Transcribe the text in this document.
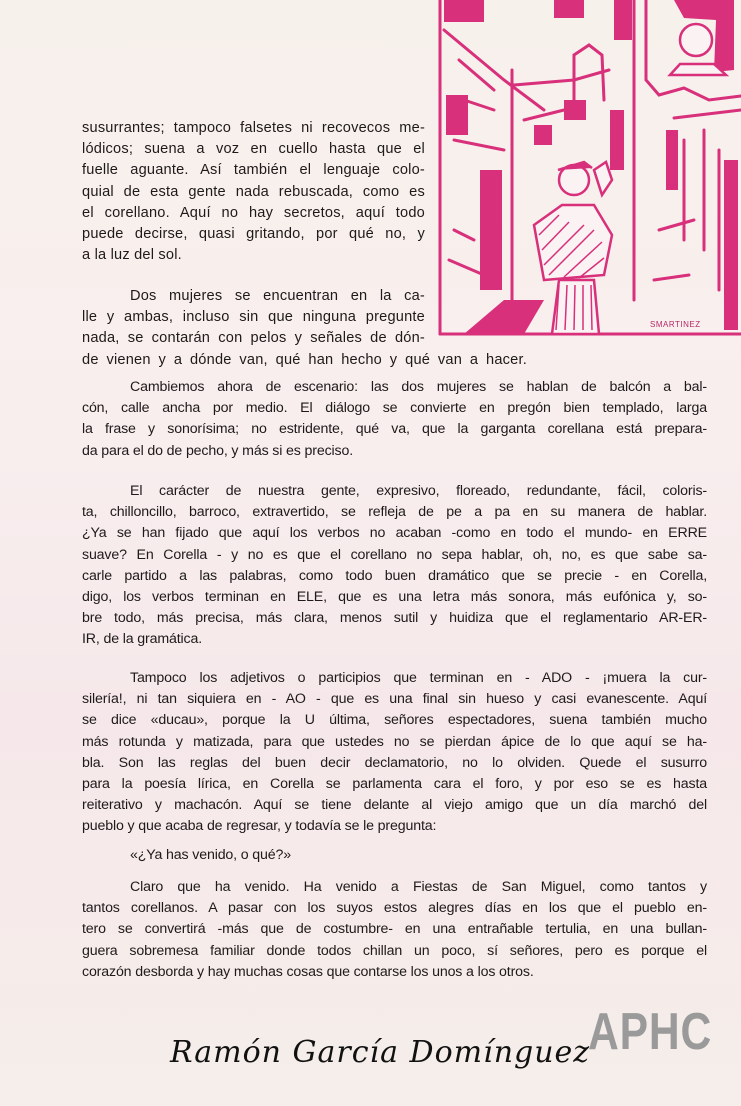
SMARTINEZ
susurrantes; tampoco falsetes ni recovecos me-
lódicos; suena a voz en cuello hasta que el
fuelle aguante. Así también el lenguaje colo-
quial de esta gente nada rebuscada, como es
el corellano. Aquí no hay secretos, aquí todo
puede decirse, quasi gritando, por qué no, y
a la luz del sol.
Dos mujeres se encuentran en la ca-
lle y ambas, incluso sin que ninguna pregunte
nada, se contarán con pelos y señales de dón-
de vienen y a dónde van, qué han hecho y qué van a hacer.
Cambiemos ahora de escenario: las dos mujeres se hablan de balcón a bal-
cón, calle ancha por medio. El diálogo se convierte en pregón bien templado, larga
la frase y sonorísima; no estridente, qué va, que la garganta corellana está prepara-
da para el do de pecho, y más si es preciso.
El carácter de nuestra gente, expresivo, floreado, redundante, fácil, coloris-
ta, chilloncillo, barroco, extravertido, se refleja de pe a pa en su manera de hablar.
¿Ya se han fijado que aquí los verbos no acaban -como en todo el mundo- en ERRE
suave? En Corella - y no es que el corellano no sepa hablar, oh, no, es que sabe sa-
carle partido a las palabras, como todo buen dramático que se precie - en Corella,
digo, los verbos terminan en ELE, que es una letra más sonora, más eufónica y, so-
bre todo, más precisa, más clara, menos sutil y huidiza que el reglamentario AR-ER-
IR, de la gramática.
Tampoco los adjetivos o participios que terminan en - ADO - ¡muera la cur-
silería!, ni tan siquiera en - AO - que es una final sin hueso y casi evanescente. Aquí
se dice «ducau», porque la U última, señores espectadores, suena también mucho
más rotunda y matizada, para que ustedes no se pierdan ápice de lo que aquí se ha-
bla. Son las reglas del buen decir declamatorio, no lo olviden. Quede el susurro
para la poesía lírica, en Corella se parlamenta cara el foro, y por eso se es hasta
reiterativo y machacón. Aquí se tiene delante al viejo amigo que un día marchó del
pueblo y que acaba de regresar, y todavía se le pregunta:
«¿Ya has venido, o qué?»
Claro que ha venido. Ha venido a Fiestas de San Miguel, como tantos y
tantos corellanos. A pasar con los suyos estos alegres días en los que el pueblo en-
tero se convertirá -más que de costumbre- en una entrañable tertulia, en una bullan-
guera sobremesa familiar donde todos chillan un poco, sí señores, pero es porque el
corazón desborda y hay muchas cosas que contarse los unos a los otros.
APHC
Ramón García Domínguez
